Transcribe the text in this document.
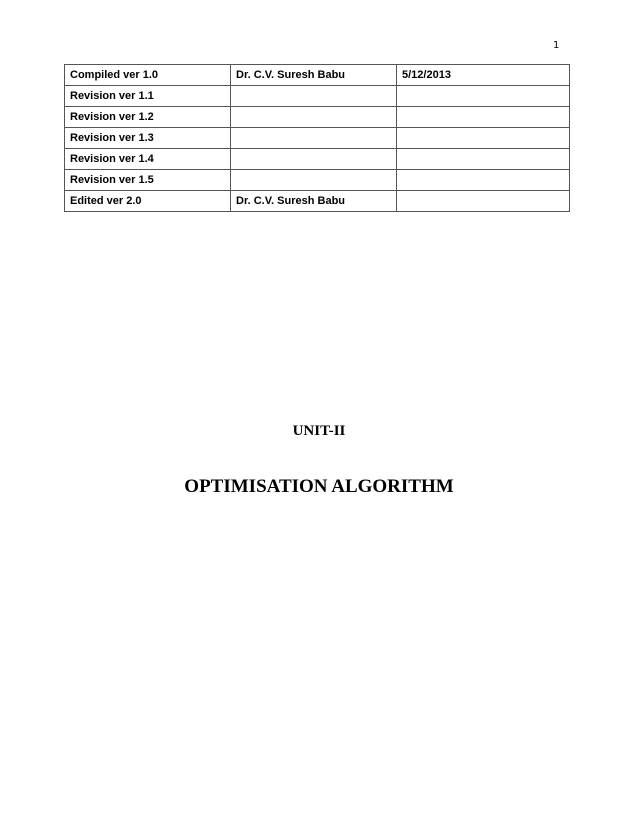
1
Compiled ver 1.0	Dr. C.V. Suresh Babu	5/12/2013
Revision ver 1.1		
Revision ver 1.2		
Revision ver 1.3		
Revision ver 1.4		
Revision ver 1.5		
Edited ver 2.0	Dr. C.V. Suresh Babu	
UNIT-II
OPTIMISATION ALGORITHM
